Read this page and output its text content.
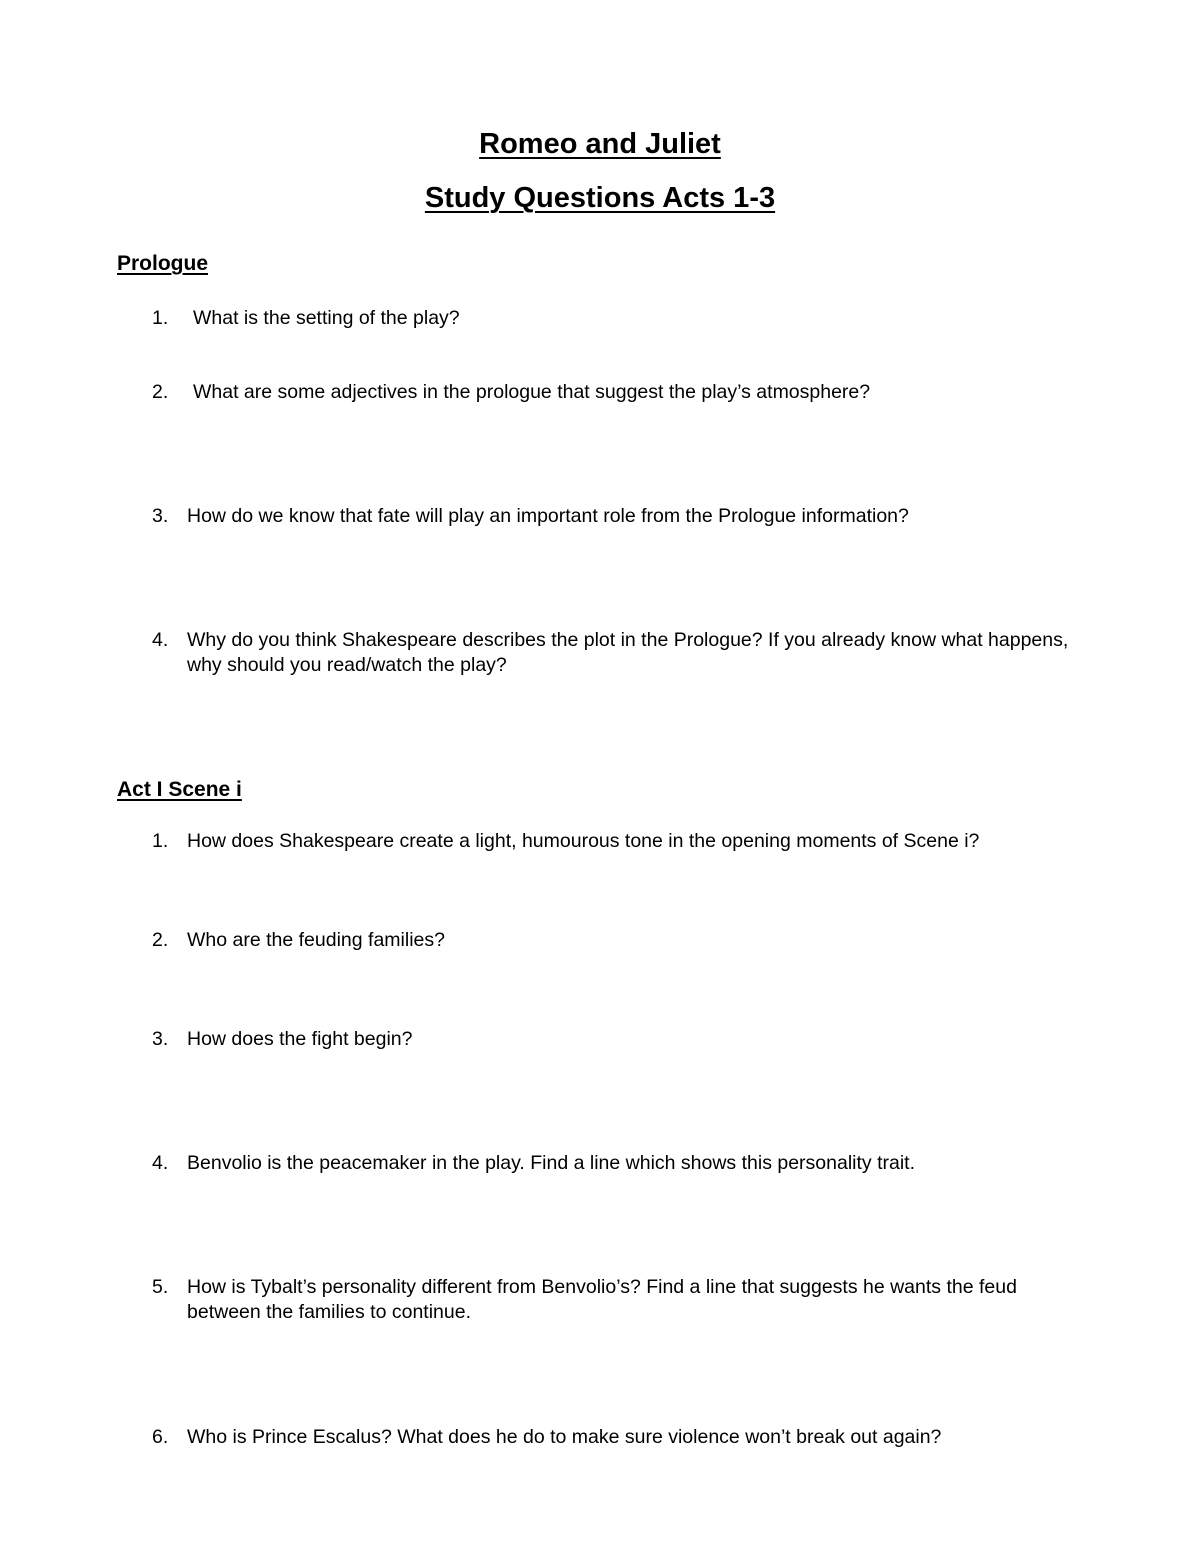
Romeo and Juliet
Study Questions Acts 1-3
Prologue
1. What is the setting of the play?
2. What are some adjectives in the prologue that suggest the play’s atmosphere?
3. How do we know that fate will play an important role from the Prologue information?
4. Why do you think Shakespeare describes the plot in the Prologue? If you already know what happens, why should you read/watch the play?
Act I Scene i
1. How does Shakespeare create a light, humourous tone in the opening moments of Scene i?
2. Who are the feuding families?
3. How does the fight begin?
4. Benvolio is the peacemaker in the play. Find a line which shows this personality trait.
5. How is Tybalt’s personality different from Benvolio’s? Find a line that suggests he wants the feud between the families to continue.
6. Who is Prince Escalus? What does he do to make sure violence won’t break out again?
